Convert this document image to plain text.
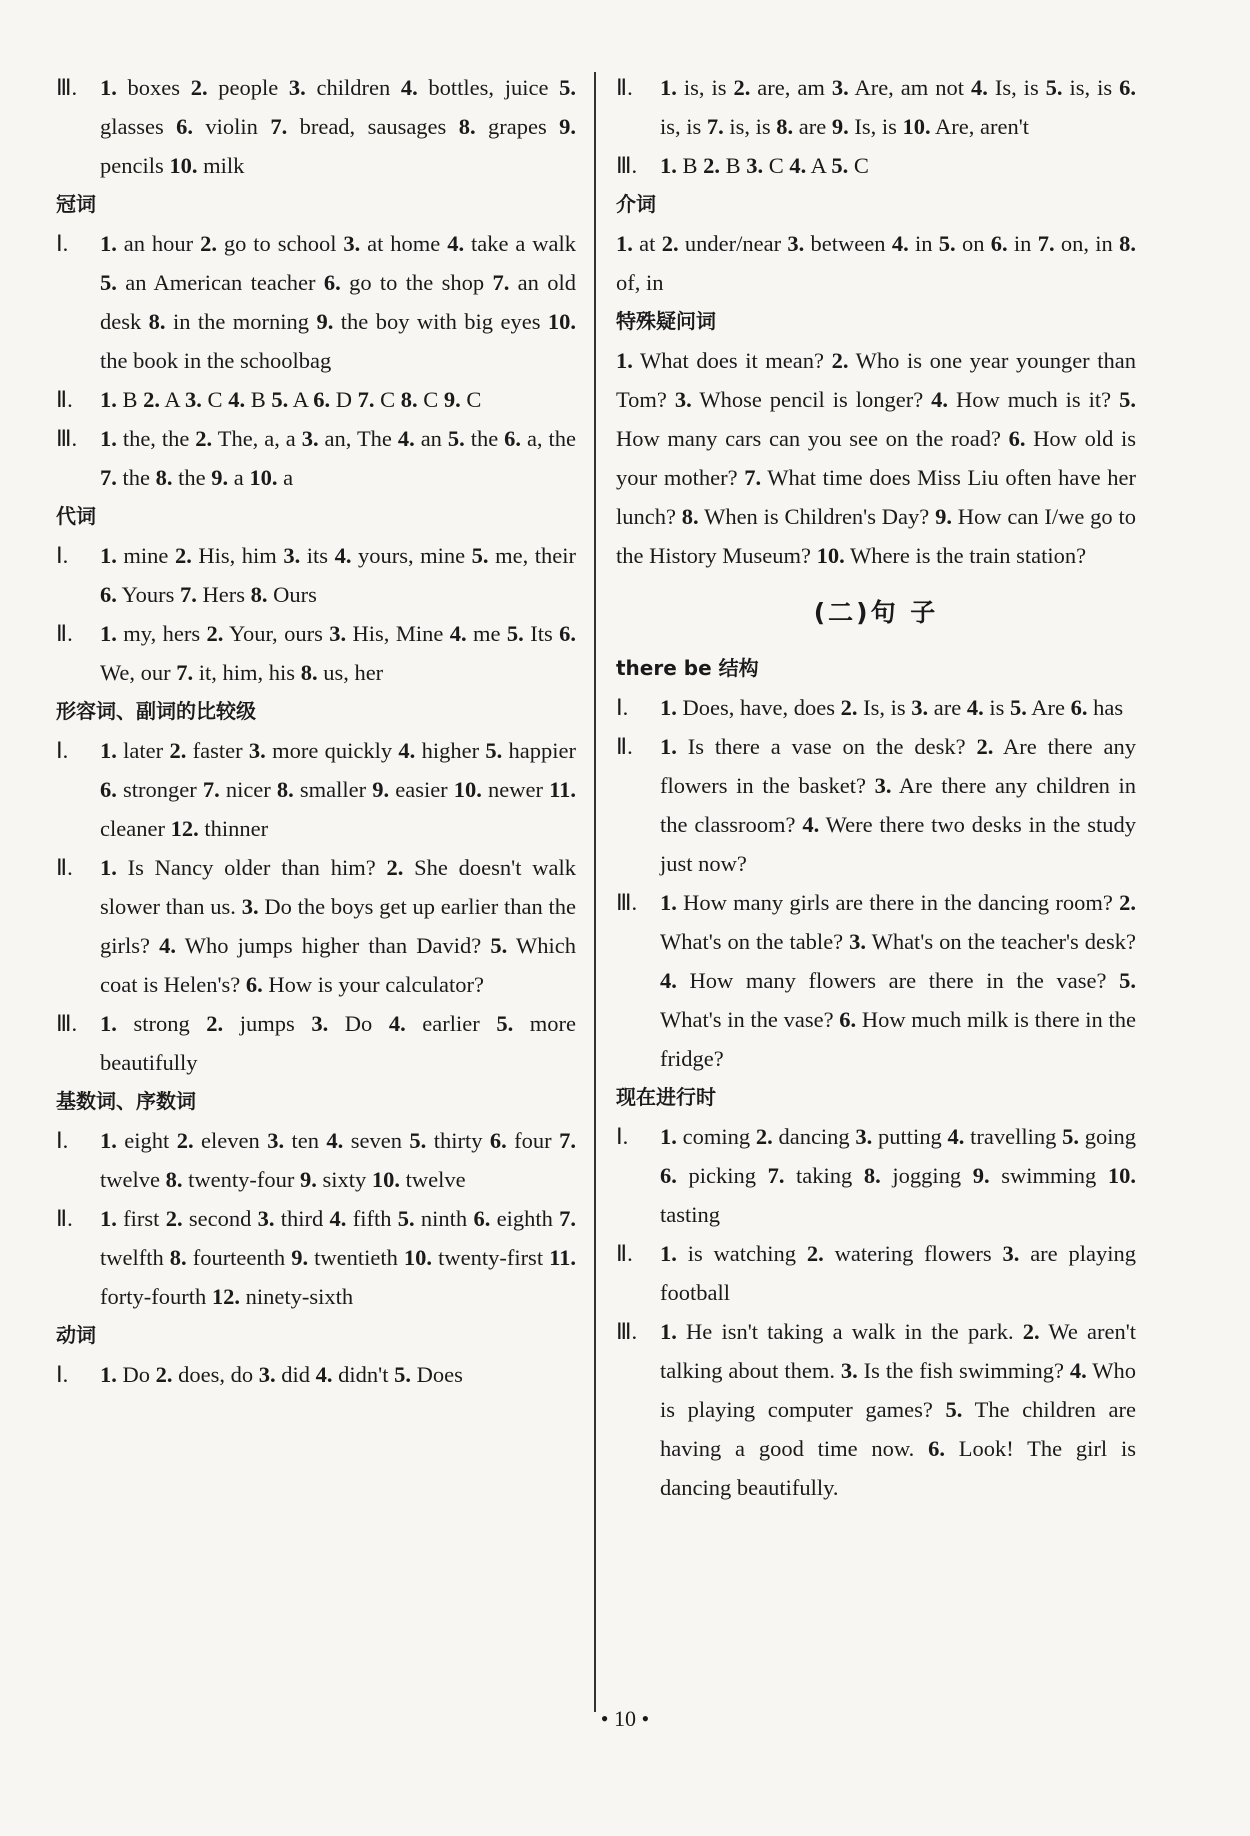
Ⅲ. 1. boxes 2. people 3. children 4. bottles, juice 5. glasses 6. violin 7. bread, sausages 8. grapes 9. pencils 10. milk
冠词
Ⅰ. 1. an hour 2. go to school 3. at home 4. take a walk 5. an American teacher 6. go to the shop 7. an old desk 8. in the morning 9. the boy with big eyes 10. the book in the schoolbag
Ⅱ. 1. B 2. A 3. C 4. B 5. A 6. D 7. C 8. C 9. C
Ⅲ. 1. the, the 2. The, a, a 3. an, The 4. an 5. the 6. a, the 7. the 8. the 9. a 10. a
代词
Ⅰ. 1. mine 2. His, him 3. its 4. yours, mine 5. me, their 6. Yours 7. Hers 8. Ours
Ⅱ. 1. my, hers 2. Your, ours 3. His, Mine 4. me 5. Its 6. We, our 7. it, him, his 8. us, her
形容词、副词的比较级
Ⅰ. 1. later 2. faster 3. more quickly 4. higher 5. happier 6. stronger 7. nicer 8. smaller 9. easier 10. newer 11. cleaner 12. thinner
Ⅱ. 1. Is Nancy older than him? 2. She doesn't walk slower than us. 3. Do the boys get up earlier than the girls? 4. Who jumps higher than David? 5. Which coat is Helen's? 6. How is your calculator?
Ⅲ. 1. strong 2. jumps 3. Do 4. earlier 5. more beautifully
基数词、序数词
Ⅰ. 1. eight 2. eleven 3. ten 4. seven 5. thirty 6. four 7. twelve 8. twenty-four 9. sixty 10. twelve
Ⅱ. 1. first 2. second 3. third 4. fifth 5. ninth 6. eighth 7. twelfth 8. fourteenth 9. twentieth 10. twenty-first 11. forty-fourth 12. ninety-sixth
动词
Ⅰ. 1. Do 2. does, do 3. did 4. didn't 5. Does
Ⅱ. 1. is, is 2. are, am 3. Are, am not 4. Is, is 5. is, is 6. is, is 7. is, is 8. are 9. Is, is 10. Are, aren't
Ⅲ. 1. B 2. B 3. C 4. A 5. C
介词
1. at 2. under/near 3. between 4. in 5. on 6. in 7. on, in 8. of, in
特殊疑问词
1. What does it mean? 2. Who is one year younger than Tom? 3. Whose pencil is longer? 4. How much is it? 5. How many cars can you see on the road? 6. How old is your mother? 7. What time does Miss Liu often have her lunch? 8. When is Children's Day? 9. How can I/we go to the History Museum? 10. Where is the train station?
(二)句 子
there be 结构
Ⅰ. 1. Does, have, does 2. Is, is 3. are 4. is 5. Are 6. has
Ⅱ. 1. Is there a vase on the desk? 2. Are there any flowers in the basket? 3. Are there any children in the classroom? 4. Were there two desks in the study just now?
Ⅲ. 1. How many girls are there in the dancing room? 2. What's on the table? 3. What's on the teacher's desk? 4. How many flowers are there in the vase? 5. What's in the vase? 6. How much milk is there in the fridge?
现在进行时
Ⅰ. 1. coming 2. dancing 3. putting 4. travelling 5. going 6. picking 7. taking 8. jogging 9. swimming 10. tasting
Ⅱ. 1. is watching 2. watering flowers 3. are playing football
Ⅲ. 1. He isn't taking a walk in the park. 2. We aren't talking about them. 3. Is the fish swimming? 4. Who is playing computer games? 5. The children are having a good time now. 6. Look! The girl is dancing beautifully.
• 10 •
